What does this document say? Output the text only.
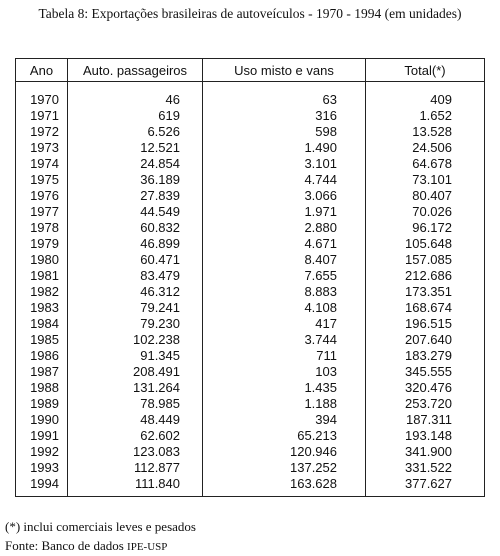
Tabela 8: Exportações brasileiras de autoveículos - 1970 - 1994 (em unidades)
Ano	Auto. passageiros	Uso misto e vans	Total(*)

1970	46	63	409
1971	619	316	1.652
1972	6.526	598	13.528
1973	12.521	1.490	24.506
1974	24.854	3.101	64.678
1975	36.189	4.744	73.101
1976	27.839	3.066	80.407
1977	44.549	1.971	70.026
1978	60.832	2.880	96.172
1979	46.899	4.671	105.648
1980	60.471	8.407	157.085
1981	83.479	7.655	212.686
1982	46.312	8.883	173.351
1983	79.241	4.108	168.674
1984	79.230	417	196.515
1985	102.238	3.744	207.640
1986	91.345	711	183.279
1987	208.491	103	345.555
1988	131.264	1.435	320.476
1989	78.985	1.188	253.720
1990	48.449	394	187.311
1991	62.602	65.213	193.148
1992	123.083	120.946	341.900
1993	112.877	137.252	331.522
1994	111.840	163.628	377.627
(*) inclui comerciais leves e pesados
Fonte: Banco de dados IPE-USP
